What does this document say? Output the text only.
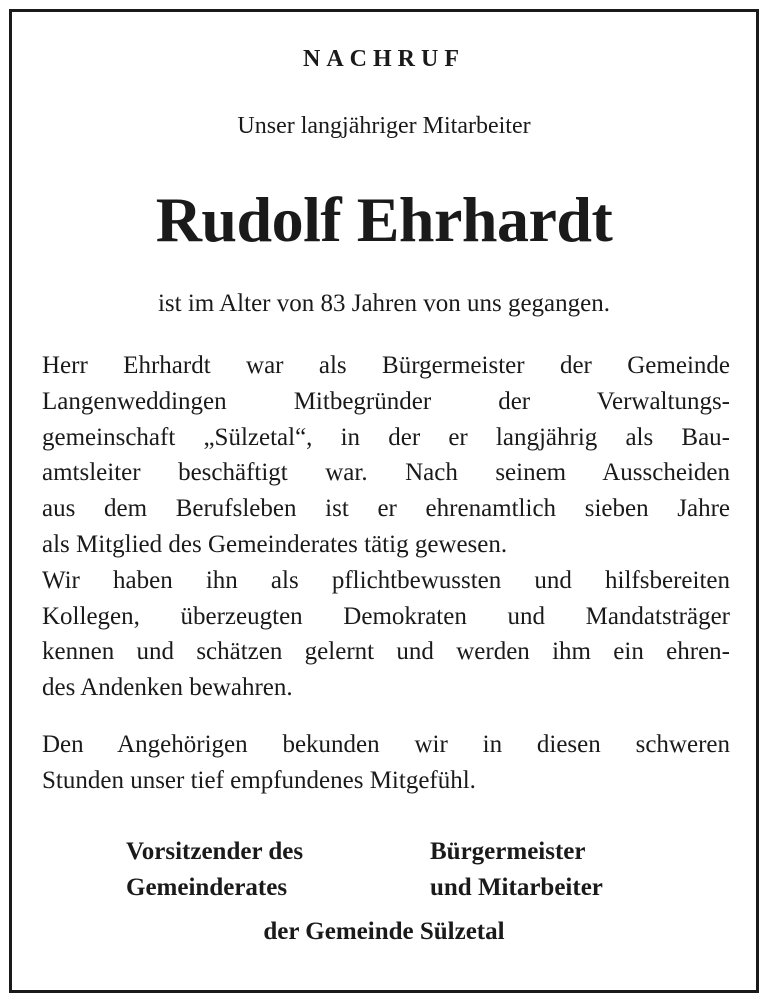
NACHRUF
Unser langjähriger Mitarbeiter
Rudolf Ehrhardt
ist im Alter von 83 Jahren von uns gegangen.
Herr Ehrhardt war als Bürgermeister der Gemeinde
Langenweddingen Mitbegründer der Verwaltungs-
gemeinschaft „Sülzetal“, in der er langjährig als Bau-
amtsleiter beschäftigt war. Nach seinem Ausscheiden
aus dem Berufsleben ist er ehrenamtlich sieben Jahre
als Mitglied des Gemeinderates tätig gewesen.
Wir haben ihn als pflichtbewussten und hilfsbereiten
Kollegen, überzeugten Demokraten und Mandatsträger
kennen und schätzen gelernt und werden ihm ein ehren-
des Andenken bewahren.
Den Angehörigen bekunden wir in diesen schweren
Stunden unser tief empfundenes Mitgefühl.
Vorsitzender des
Gemeinderates
Bürgermeister
und Mitarbeiter
der Gemeinde Sülzetal
